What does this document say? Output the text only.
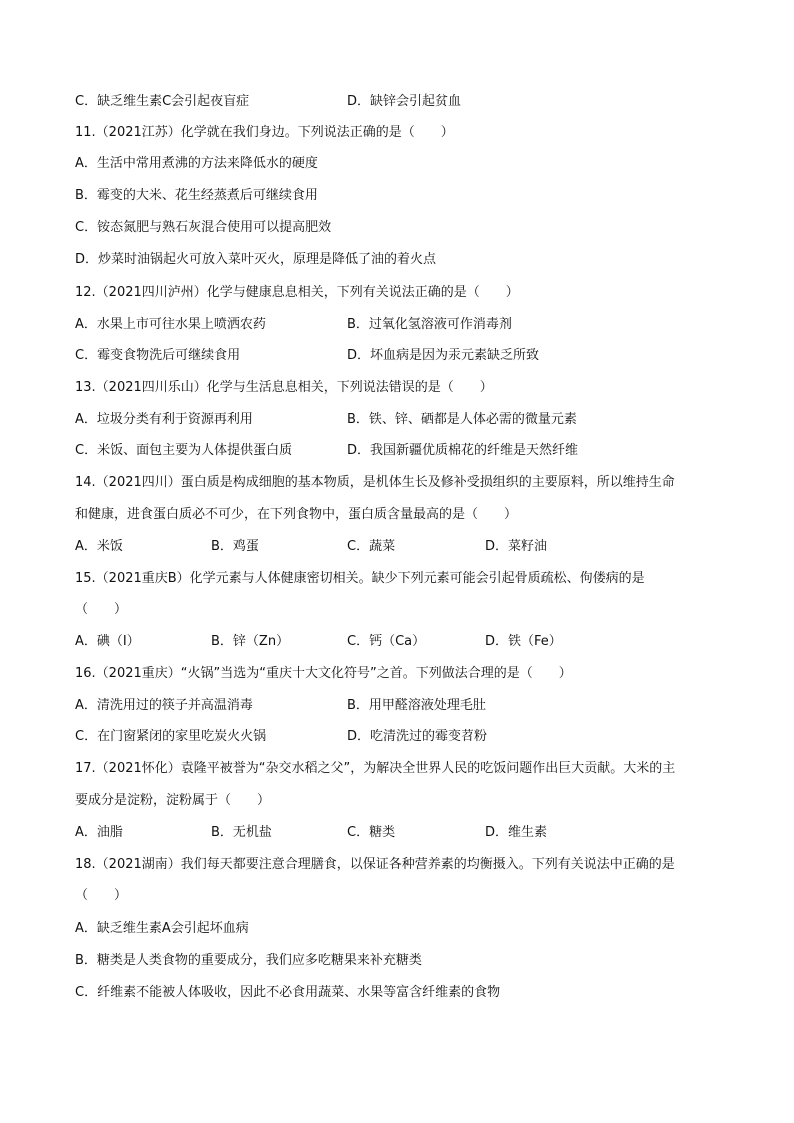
C．缺乏维生素C会引起夜盲症	D．缺锌会引起贫血
11.（2021江苏）化学就在我们身边。下列说法正确的是（　　）
A．生活中常用煮沸的方法来降低水的硬度
B．霉变的大米、花生经蒸煮后可继续食用
C．铵态氮肥与熟石灰混合使用可以提高肥效
D．炒菜时油锅起火可放入菜叶灭火，原理是降低了油的着火点
12.（2021四川泸州）化学与健康息息相关，下列有关说法正确的是（　　）
A．水果上市可往水果上喷洒农药	B．过氧化氢溶液可作消毒剂
C．霉变食物洗后可继续食用	D．坏血病是因为汞元素缺乏所致
13.（2021四川乐山）化学与生活息息相关，下列说法错误的是（　　）
A．垃圾分类有利于资源再利用	B．铁、锌、硒都是人体必需的微量元素
C．米饭、面包主要为人体提供蛋白质	D．我国新疆优质棉花的纤维是天然纤维
14.（2021四川）蛋白质是构成细胞的基本物质，是机体生长及修补受损组织的主要原料，所以维持生命
和健康，进食蛋白质必不可少，在下列食物中，蛋白质含量最高的是（　　）
A．米饭	B．鸡蛋	C．蔬菜	D．菜籽油
15.（2021重庆B）化学元素与人体健康密切相关。缺少下列元素可能会引起骨质疏松、佝偻病的是
（　　）
A．碘（I）	B．锌（Zn）	C．钙（Ca）	D．铁（Fe）
16.（2021重庆）“火锅”当选为“重庆十大文化符号”之首。下列做法合理的是（　　）
A．清洗用过的筷子并高温消毒	B．用甲醛溶液处理毛肚
C．在门窗紧闭的家里吃炭火火锅	D．吃清洗过的霉变苕粉
17.（2021怀化）袁隆平被誉为“杂交水稻之父”，为解决全世界人民的吃饭问题作出巨大贡献。大米的主
要成分是淀粉，淀粉属于（　　）
A．油脂	B．无机盐	C．糖类	D．维生素
18.（2021湖南）我们每天都要注意合理膳食，以保证各种营养素的均衡摄入。下列有关说法中正确的是
（　　）
A．缺乏维生素A会引起坏血病
B．糖类是人类食物的重要成分，我们应多吃糖果来补充糖类
C．纤维素不能被人体吸收，因此不必食用蔬菜、水果等富含纤维素的食物
